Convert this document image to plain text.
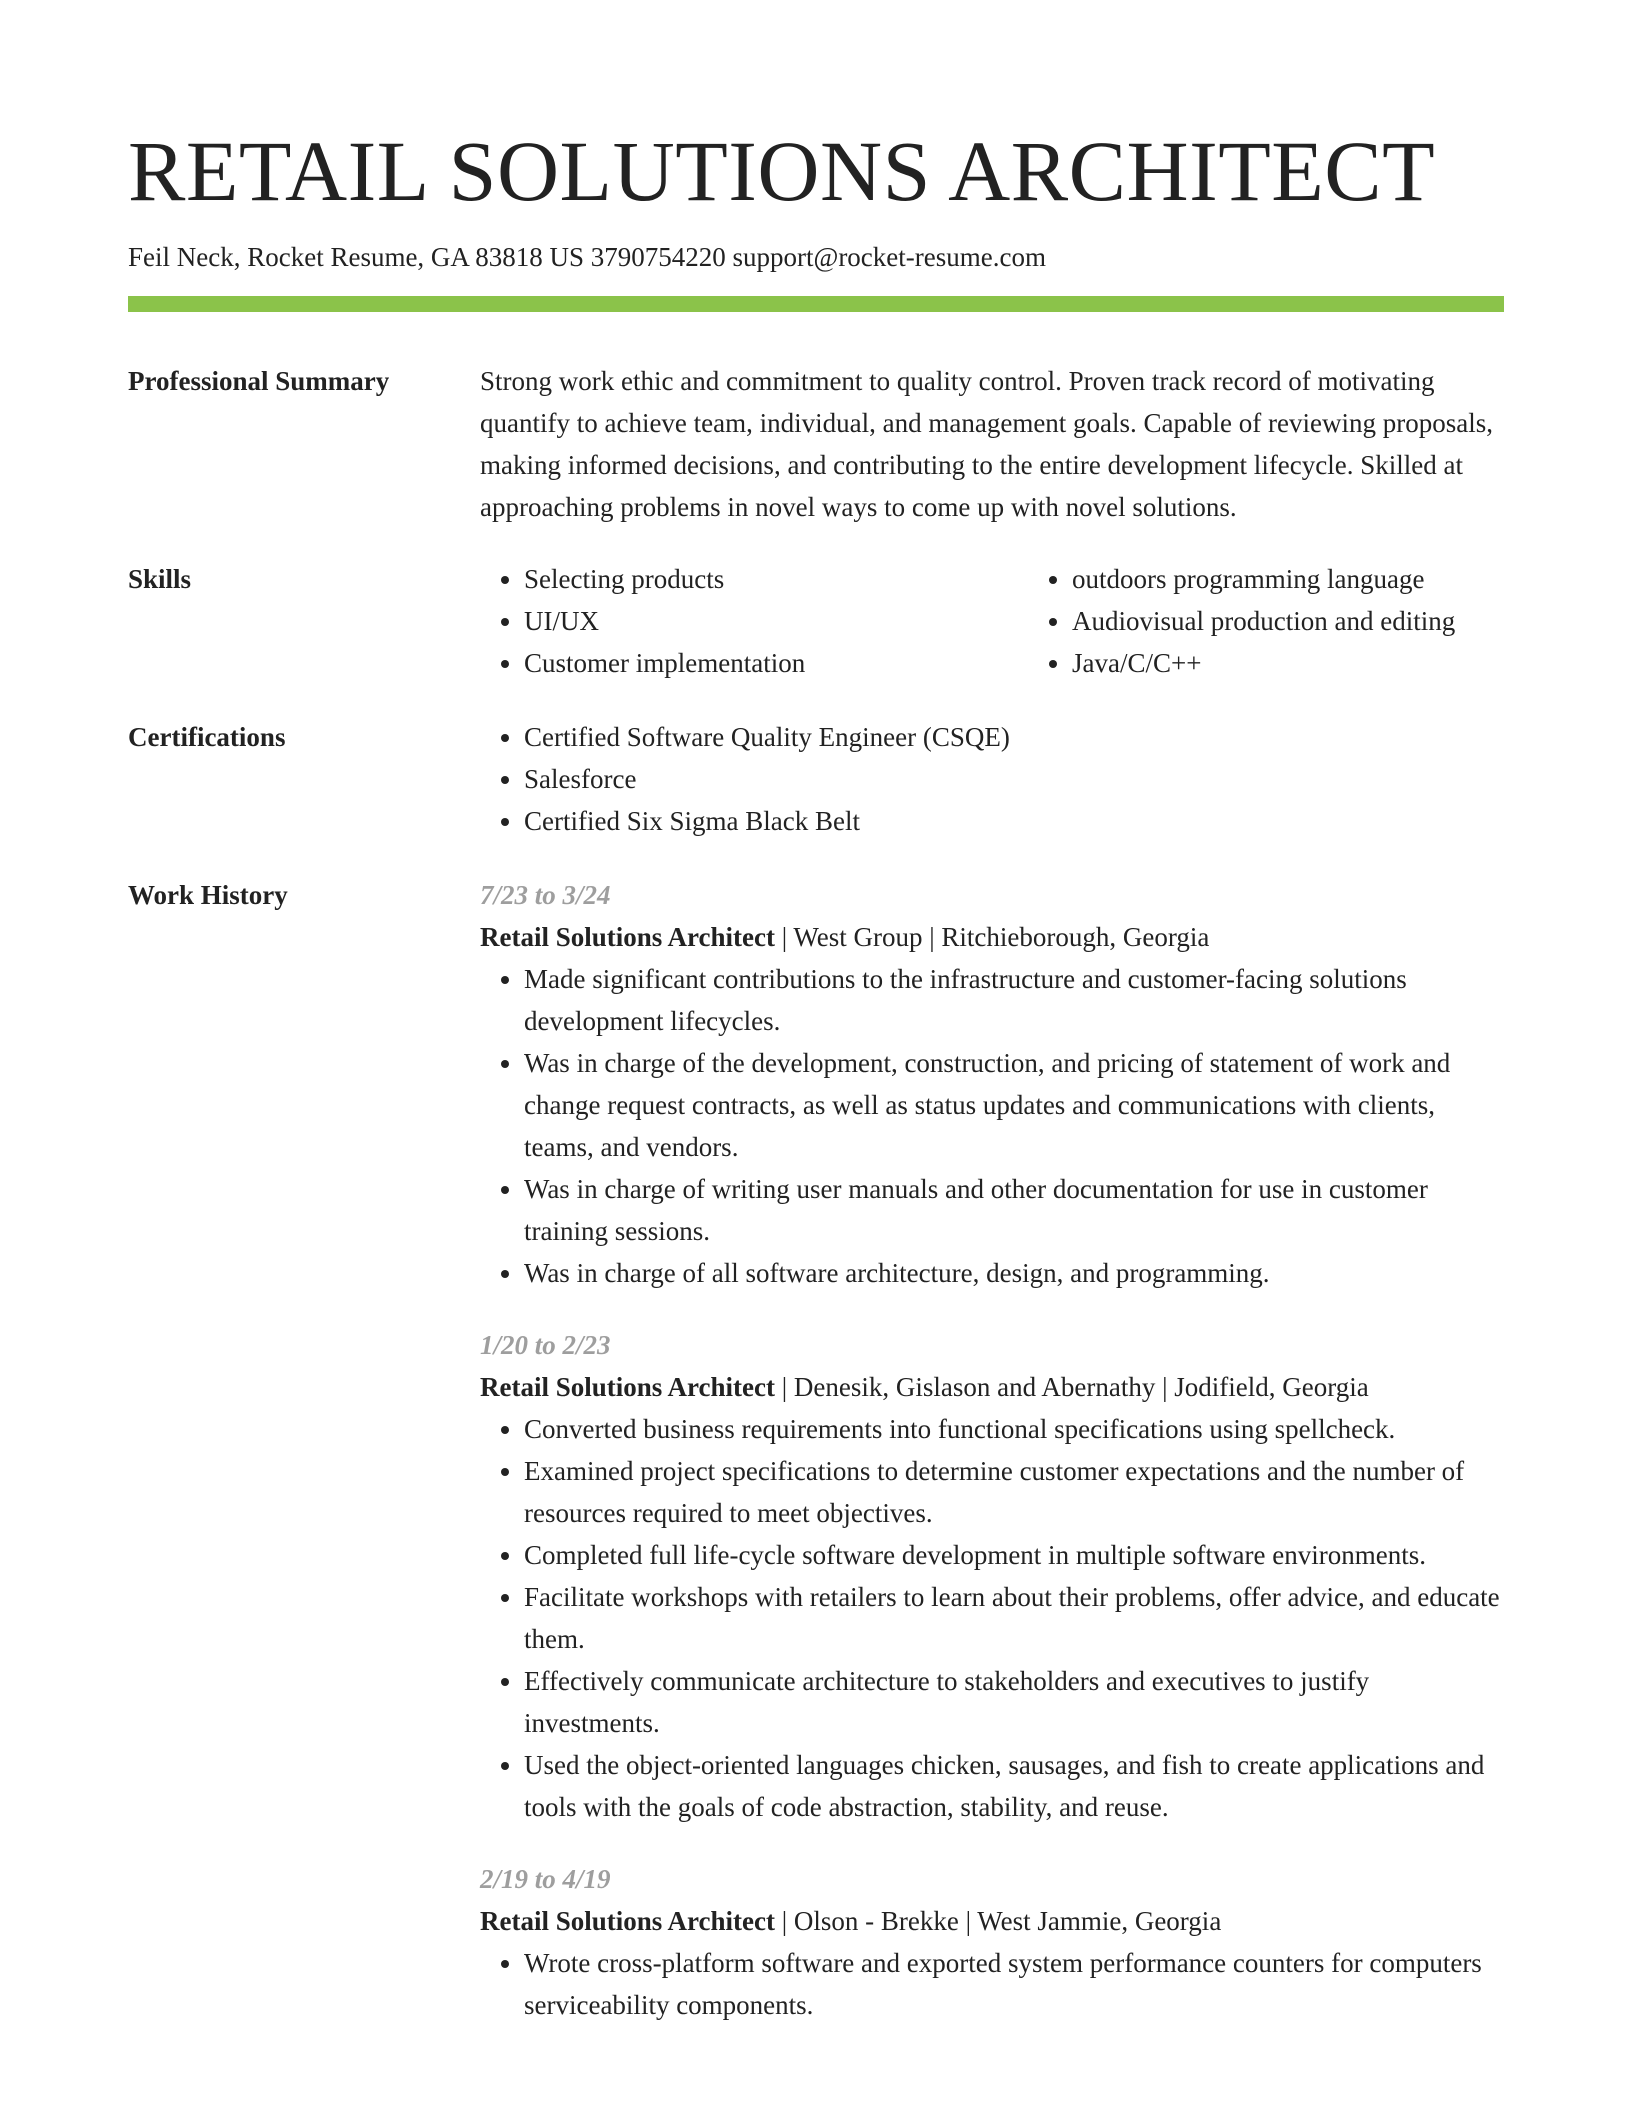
RETAIL SOLUTIONS ARCHITECT
Feil Neck, Rocket Resume, GA 83818 US 3790754220 support@rocket-resume.com
Professional Summary	Strong work ethic and commitment to quality control. Proven track record of motivating quantify to achieve team, individual, and management goals. Capable of reviewing proposals, making informed decisions, and contributing to the entire development lifecycle. Skilled at approaching problems in novel ways to come up with novel solutions.

Skills	• Selecting products
• UI/UX
• Customer implementation
• outdoors programming language
• Audiovisual production and editing
• Java/C/C++
Certifications	• Certified Software Quality Engineer (CSQE)
• Salesforce
• Certified Six Sigma Black Belt
Work History	7/23 to 3/24
Retail Solutions Architect | West Group | Ritchieborough, Georgia
• Made significant contributions to the infrastructure and customer-facing solutions development lifecycles.
• Was in charge of the development, construction, and pricing of statement of work and change request contracts, as well as status updates and communications with clients, teams, and vendors.
• Was in charge of writing user manuals and other documentation for use in customer training sessions.
• Was in charge of all software architecture, design, and programming.
1/20 to 2/23
Retail Solutions Architect | Denesik, Gislason and Abernathy | Jodifield, Georgia
• Converted business requirements into functional specifications using spellcheck.
• Examined project specifications to determine customer expectations and the number of resources required to meet objectives.
• Completed full life-cycle software development in multiple software environments.
• Facilitate workshops with retailers to learn about their problems, offer advice, and educate them.
• Effectively communicate architecture to stakeholders and executives to justify investments.
• Used the object-oriented languages chicken, sausages, and fish to create applications and tools with the goals of code abstraction, stability, and reuse.
2/19 to 4/19
Retail Solutions Architect | Olson - Brekke | West Jammie, Georgia
• Wrote cross-platform software and exported system performance counters for computers serviceability components.
